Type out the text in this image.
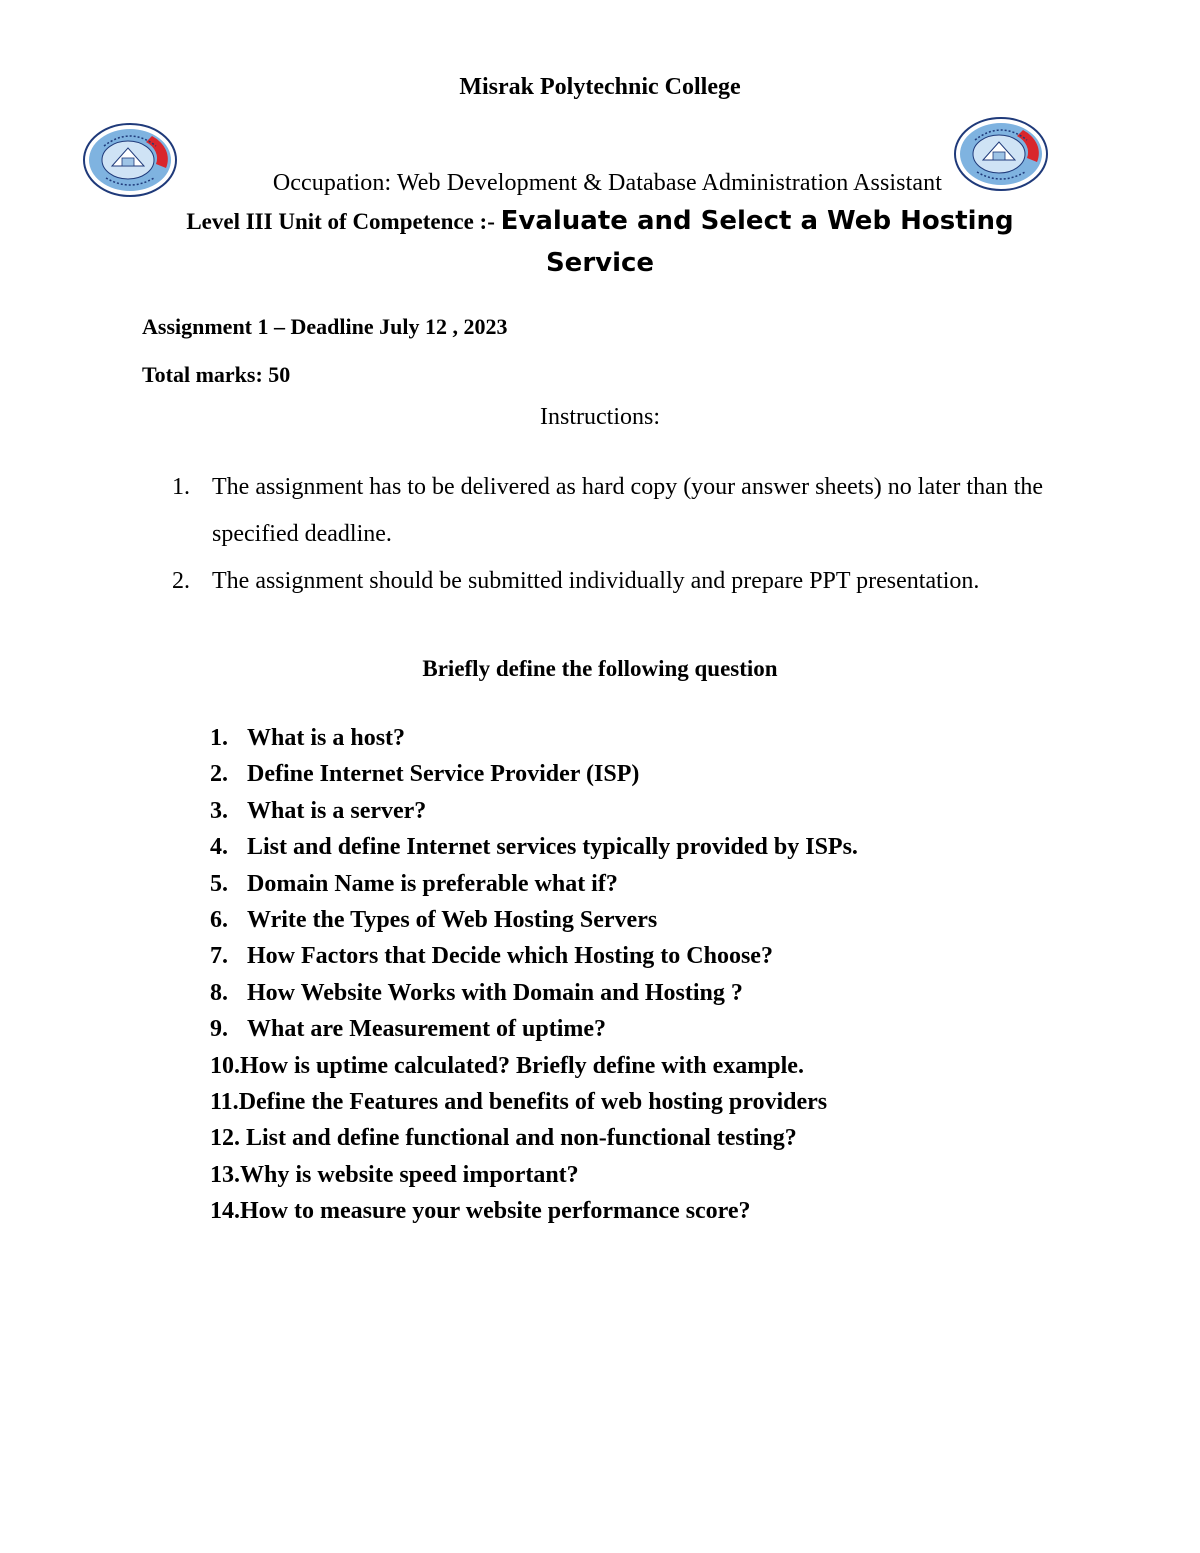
Misrak Polytechnic College
Occupation: Web Development & Database Administration Assistant
Level III Unit of Competence :- Evaluate and Select a Web Hosting Service
Assignment 1 – Deadline July 12 , 2023
Total marks: 50
Instructions:
1. The assignment has to be delivered as hard copy (your answer sheets) no later than the specified deadline.
2. The assignment should be submitted individually and prepare PPT presentation.
Briefly define the following question
1. What is a host?
2. Define Internet Service Provider (ISP)
3. What is a server?
4. List and define Internet services typically provided by ISPs.
5. Domain Name is preferable what if?
6. Write the Types of Web Hosting Servers
7. How Factors that Decide which Hosting to Choose?
8. How Website Works with Domain and Hosting ?
9. What are Measurement of uptime?
10.How is uptime calculated? Briefly define with example.
11.Define the Features and benefits of web hosting providers
12. List and define functional and non-functional testing?
13.Why is website speed important?
14.How to measure your website performance score?
